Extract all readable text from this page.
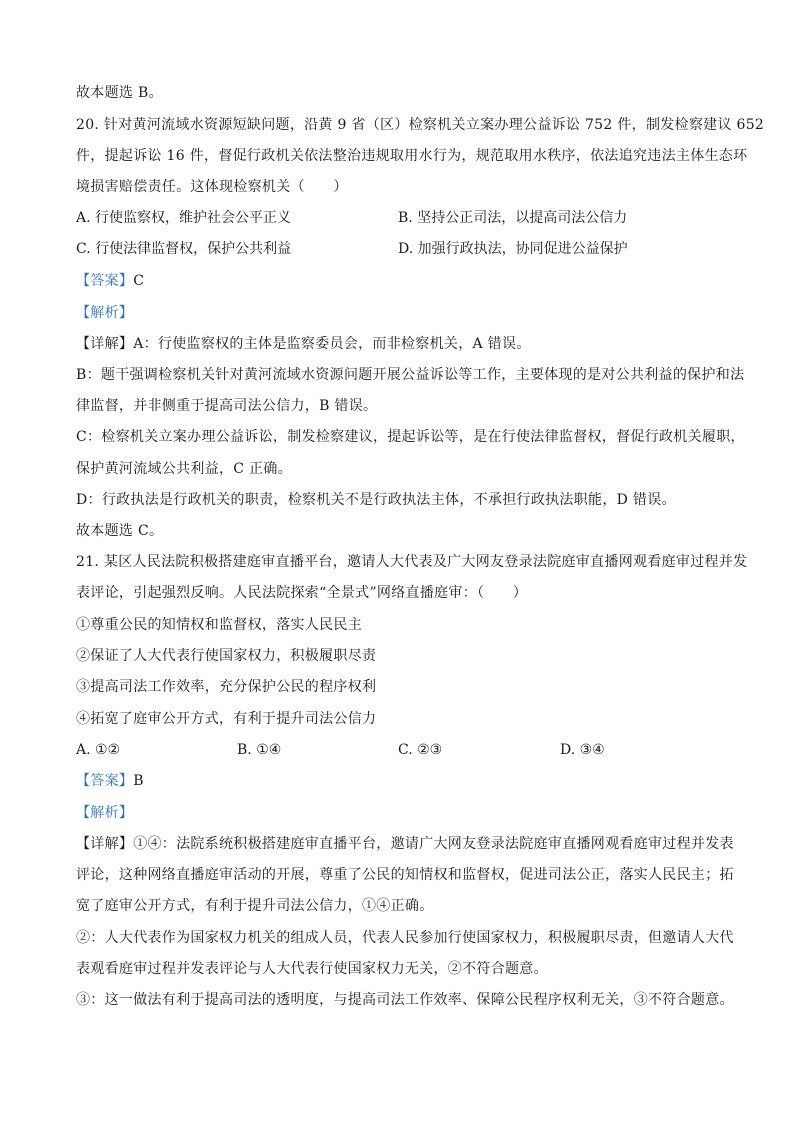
故本题选 B。
20. 针对黄河流域水资源短缺问题，沿黄 9 省（区）检察机关立案办理公益诉讼 752 件，制发检察建议 652
件，提起诉讼 16 件，督促行政机关依法整治违规取用水行为，规范取用水秩序，依法追究违法主体生态环
境损害赔偿责任。这体现检察机关（　　）
A. 行使监察权，维护社会公平正义	B. 坚持公正司法，以提高司法公信力
C. 行使法律监督权，保护公共利益	D. 加强行政执法，协同促进公益保护
【答案】C
【解析】
【详解】A：行使监察权的主体是监察委员会，而非检察机关，A 错误。
B：题干强调检察机关针对黄河流域水资源问题开展公益诉讼等工作，主要体现的是对公共利益的保护和法
律监督，并非侧重于提高司法公信力，B 错误。
C：检察机关立案办理公益诉讼，制发检察建议，提起诉讼等，是在行使法律监督权，督促行政机关履职，
保护黄河流域公共利益，C 正确。
D：行政执法是行政机关的职责，检察机关不是行政执法主体，不承担行政执法职能，D 错误。
故本题选 C。
21. 某区人民法院积极搭建庭审直播平台，邀请人大代表及广大网友登录法院庭审直播网观看庭审过程并发
表评论，引起强烈反响。人民法院探索“全景式”网络直播庭审：（　　）
①尊重公民的知情权和监督权，落实人民民主
②保证了人大代表行使国家权力，积极履职尽责
③提高司法工作效率，充分保护公民的程序权利
④拓宽了庭审公开方式，有利于提升司法公信力
A. ①②	B. ①④	C. ②③	D. ③④
【答案】B
【解析】
【详解】①④：法院系统积极搭建庭审直播平台，邀请广大网友登录法院庭审直播网观看庭审过程并发表
评论，这种网络直播庭审活动的开展，尊重了公民的知情权和监督权，促进司法公正，落实人民民主；拓
宽了庭审公开方式，有利于提升司法公信力，①④正确。
②：人大代表作为国家权力机关的组成人员，代表人民参加行使国家权力，积极履职尽责，但邀请人大代
表观看庭审过程并发表评论与人大代表行使国家权力无关，②不符合题意。
③：这一做法有利于提高司法的透明度，与提高司法工作效率、保障公民程序权利无关，③不符合题意。
